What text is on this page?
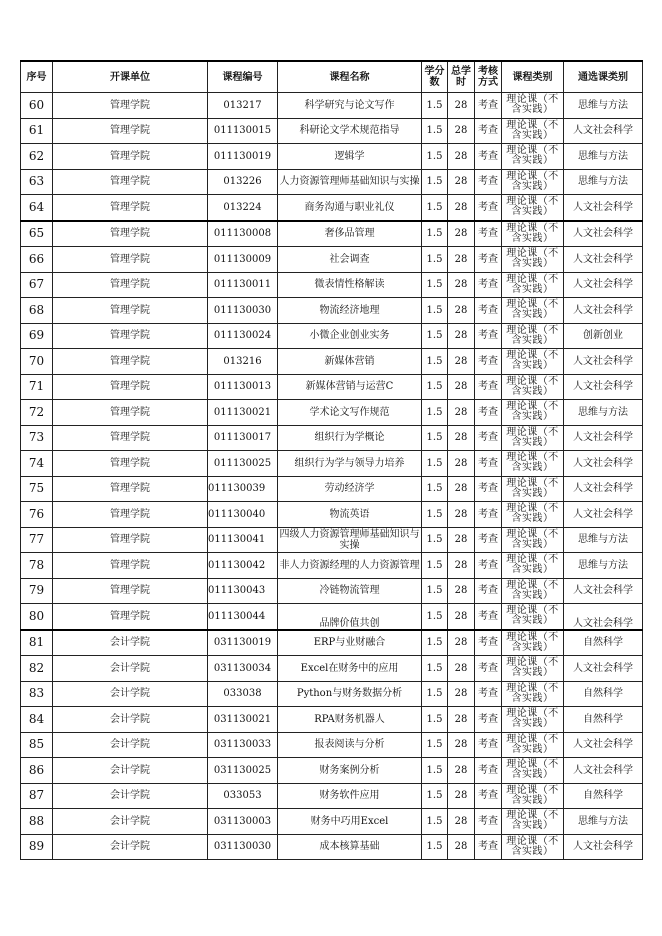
序号	开课单位	课程编号	课程名称	学分数	总学时	考核方式	课程类别	通选课类别
60	管理学院	013217	科学研究与论文写作	1.5	28	考查	理论课（不含实践）	思维与方法
61	管理学院	011130015	科研论文学术规范指导	1.5	28	考查	理论课（不含实践）	人文社会科学
62	管理学院	011130019	逻辑学	1.5	28	考查	理论课（不含实践）	思维与方法
63	管理学院	013226	人力资源管理师基础知识与实操	1.5	28	考查	理论课（不含实践）	思维与方法
64	管理学院	013224	商务沟通与职业礼仪	1.5	28	考查	理论课（不含实践）	人文社会科学
65	管理学院	011130008	奢侈品管理	1.5	28	考查	理论课（不含实践）	人文社会科学
66	管理学院	011130009	社会调查	1.5	28	考查	理论课（不含实践）	人文社会科学
67	管理学院	011130011	微表情性格解读	1.5	28	考查	理论课（不含实践）	人文社会科学
68	管理学院	011130030	物流经济地理	1.5	28	考查	理论课（不含实践）	人文社会科学
69	管理学院	011130024	小微企业创业实务	1.5	28	考查	理论课（不含实践）	创新创业
70	管理学院	013216	新媒体营销	1.5	28	考查	理论课（不含实践）	人文社会科学
71	管理学院	011130013	新媒体营销与运营C	1.5	28	考查	理论课（不含实践）	人文社会科学
72	管理学院	011130021	学术论文写作规范	1.5	28	考查	理论课（不含实践）	思维与方法
73	管理学院	011130017	组织行为学概论	1.5	28	考查	理论课（不含实践）	人文社会科学
74	管理学院	011130025	组织行为学与领导力培养	1.5	28	考查	理论课（不含实践）	人文社会科学
75	管理学院	011130039	劳动经济学	1.5	28	考查	理论课（不含实践）	人文社会科学
76	管理学院	011130040	物流英语	1.5	28	考查	理论课（不含实践）	人文社会科学
77	管理学院	011130041	四级人力资源管理师基础知识与实操	1.5	28	考查	理论课（不含实践）	思维与方法
78	管理学院	011130042	非人力资源经理的人力资源管理	1.5	28	考查	理论课（不含实践）	思维与方法
79	管理学院	011130043	冷链物流管理	1.5	28	考查	理论课（不含实践）	人文社会科学
80	管理学院	011130044	品牌价值共创	1.5	28	考查	理论课（不含实践）	人文社会科学
81	会计学院	031130019	ERP与业财融合	1.5	28	考查	理论课（不含实践）	自然科学
82	会计学院	031130034	Excel在财务中的应用	1.5	28	考查	理论课（不含实践）	人文社会科学
83	会计学院	033038	Python与财务数据分析	1.5	28	考查	理论课（不含实践）	自然科学
84	会计学院	031130021	RPA财务机器人	1.5	28	考查	理论课（不含实践）	自然科学
85	会计学院	031130033	报表阅读与分析	1.5	28	考查	理论课（不含实践）	人文社会科学
86	会计学院	031130025	财务案例分析	1.5	28	考查	理论课（不含实践）	人文社会科学
87	会计学院	033053	财务软件应用	1.5	28	考查	理论课（不含实践）	自然科学
88	会计学院	031130003	财务中巧用Excel	1.5	28	考查	理论课（不含实践）	思维与方法
89	会计学院	031130030	成本核算基础	1.5	28	考查	理论课（不含实践）	人文社会科学
